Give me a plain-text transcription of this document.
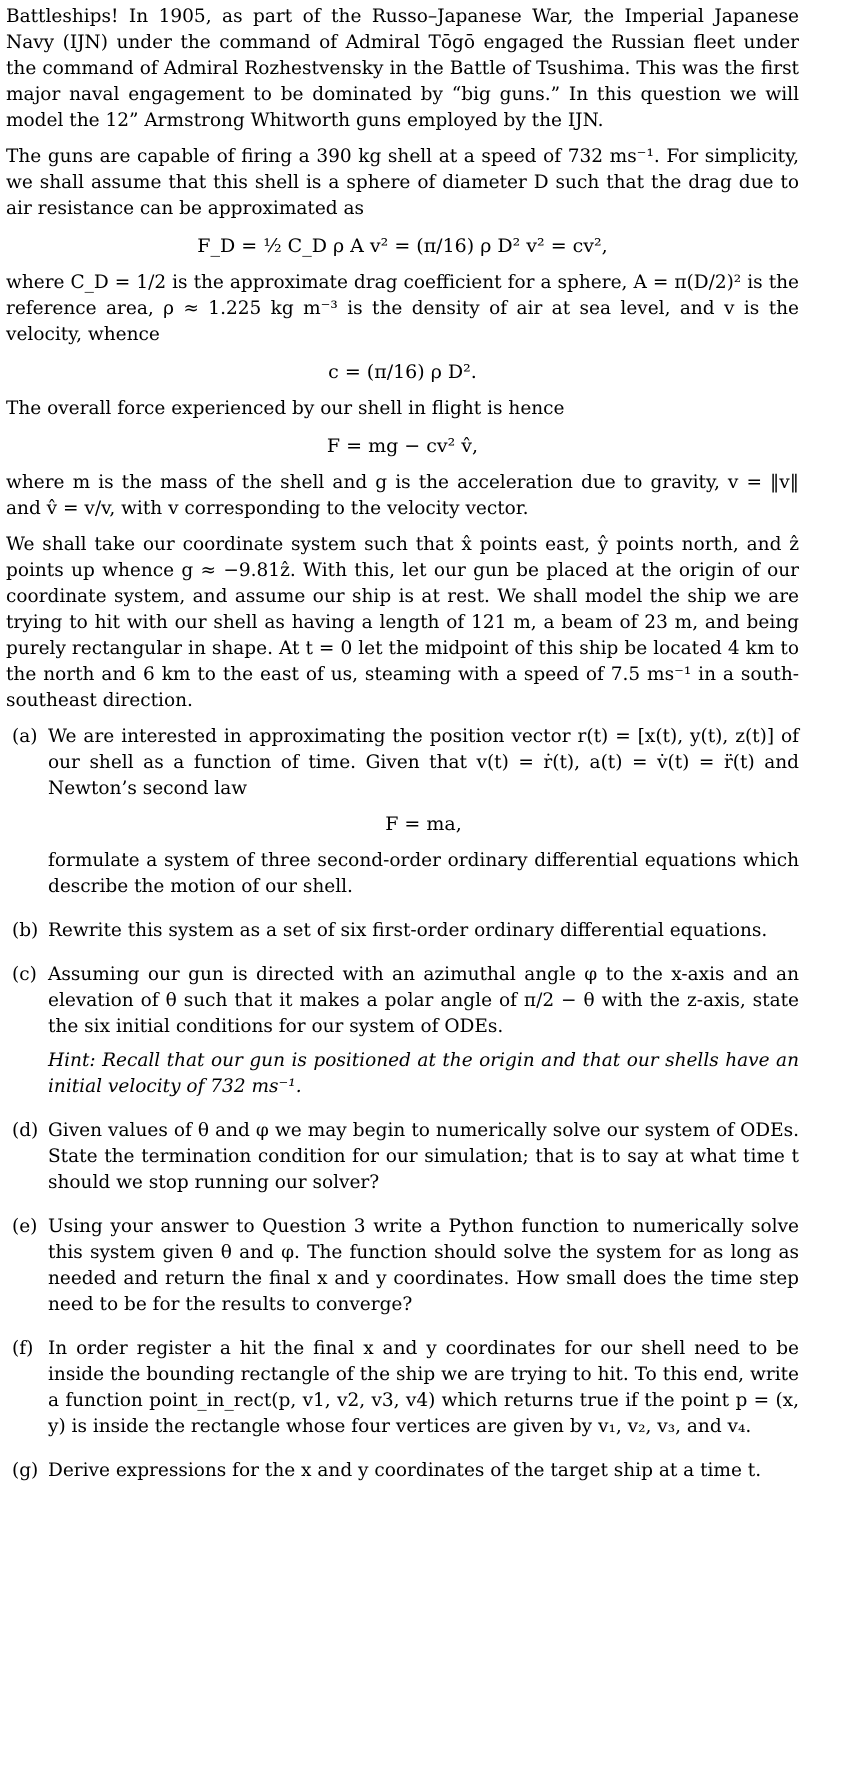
Battleships! In 1905, as part of the Russo–Japanese War, the Imperial Japanese Navy (IJN) under the command of Admiral Tōgō engaged the Russian fleet under the command of Admiral Rozhestvensky in the Battle of Tsushima. This was the first major naval engagement to be dominated by “big guns.” In this question we will model the 12” Armstrong Whitworth guns employed by the IJN.

The guns are capable of firing a 390 kg shell at a speed of 732 ms⁻¹. For simplicity, we shall assume that this shell is a sphere of diameter D such that the drag due to air resistance can be approximated as

F_D = ½ C_D ρ A v² = (π/16) ρ D² v² = cv²,

where C_D = 1/2 is the approximate drag coefficient for a sphere, A = π(D/2)² is the reference area, ρ ≈ 1.225 kg m⁻³ is the density of air at sea level, and v is the velocity, whence

c = (π/16) ρ D².

The overall force experienced by our shell in flight is hence

F = mg − cv² v̂,

where m is the mass of the shell and g is the acceleration due to gravity, v = ‖v‖ and v̂ = v/v, with v corresponding to the velocity vector.

We shall take our coordinate system such that x̂ points east, ŷ points north, and ẑ points up whence g ≈ −9.81ẑ. With this, let our gun be placed at the origin of our coordinate system, and assume our ship is at rest. We shall model the ship we are trying to hit with our shell as having a length of 121 m, a beam of 23 m, and being purely rectangular in shape. At t = 0 let the midpoint of this ship be located 4 km to the north and 6 km to the east of us, steaming with a speed of 7.5 ms⁻¹ in a south-southeast direction.

(a) We are interested in approximating the position vector r(t) = [x(t), y(t), z(t)] of our shell as a function of time. Given that v(t) = ṙ(t), a(t) = v̇(t) = r̈(t) and Newton’s second law

F = ma,

formulate a system of three second-order ordinary differential equations which describe the motion of our shell.

(b) Rewrite this system as a set of six first-order ordinary differential equations.

(c) Assuming our gun is directed with an azimuthal angle φ to the x-axis and an elevation of θ such that it makes a polar angle of π/2 − θ with the z-axis, state the six initial conditions for our system of ODEs.

Hint: Recall that our gun is positioned at the origin and that our shells have an initial velocity of 732 ms⁻¹.

(d) Given values of θ and φ we may begin to numerically solve our system of ODEs. State the termination condition for our simulation; that is to say at what time t should we stop running our solver?

(e) Using your answer to Question 3 write a Python function to numerically solve this system given θ and φ. The function should solve the system for as long as needed and return the final x and y coordinates. How small does the time step need to be for the results to converge?

(f) In order register a hit the final x and y coordinates for our shell need to be inside the bounding rectangle of the ship we are trying to hit. To this end, write a function point_in_rect(p, v1, v2, v3, v4) which returns true if the point p = (x, y) is inside the rectangle whose four vertices are given by v₁, v₂, v₃, and v₄.

(g) Derive expressions for the x and y coordinates of the target ship at a time t.
